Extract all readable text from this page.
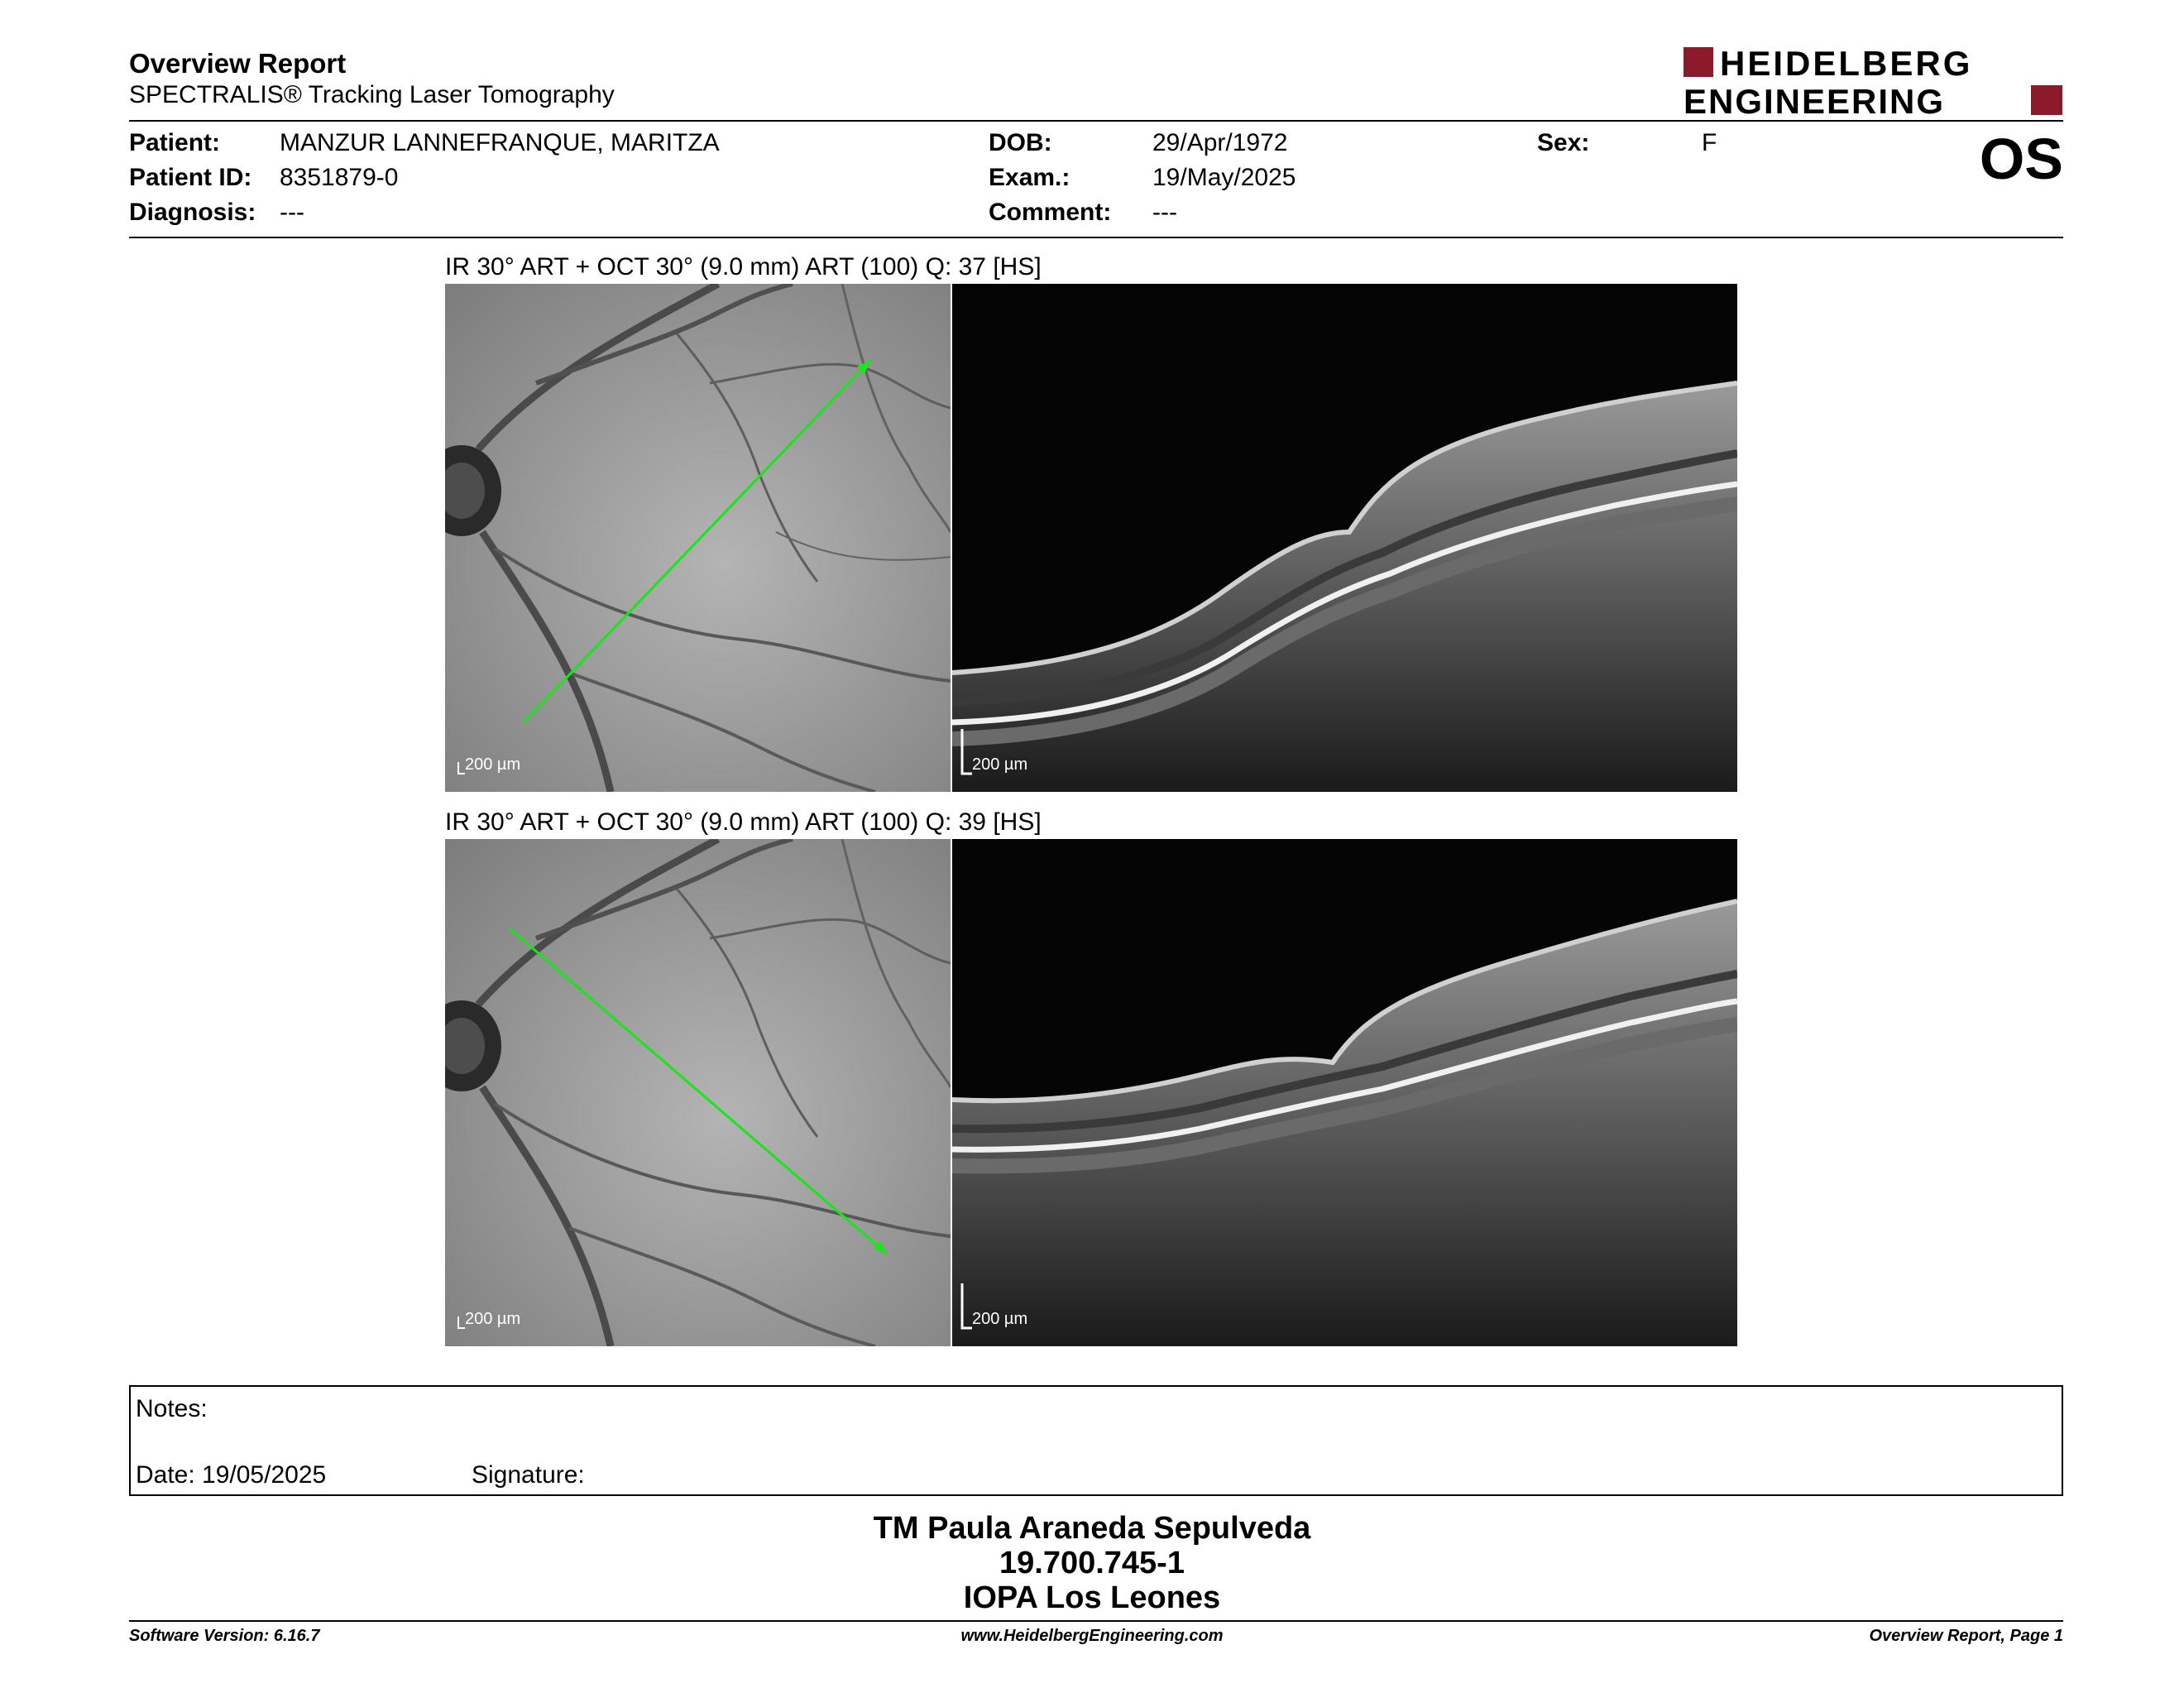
Overview Report
SPECTRALIS® Tracking Laser Tomography
HEIDELBERG
ENGINEERING
Patient: MANZUR LANNEFRANQUE, MARITZA
Patient ID: 8351879-0
Diagnosis: ---
DOB:	29/Apr/1972
Exam.:	19/May/2025
Comment: ---
Sex:	F	OS
IR 30° ART + OCT 30° (9.0 mm) ART (100) Q: 37 [HS]
200 µm	200 µm
IR 30° ART + OCT 30° (9.0 mm) ART (100) Q: 39 [HS]
200 µm	200 µm
Notes:
Date: 19/05/2025	Signature:
TM Paula Araneda Sepulveda
19.700.745-1
IOPA Los Leones
Software Version: 6.16.7	www.HeidelbergEngineering.com	Overview Report, Page 1
